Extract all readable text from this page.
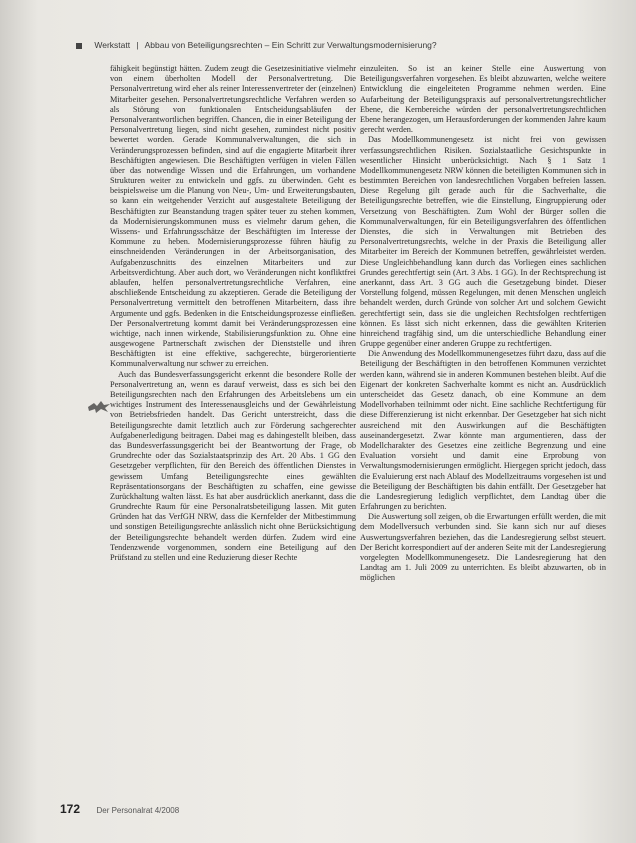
Werkstatt | Abbau von Beteiligungsrechten – Ein Schritt zur Verwaltungsmodernisierung?

fähigkeit begünstigt hätten. Zudem zeugt die Gesetzesinitiative vielmehr von einem überholten Modell der Personalvertretung. Die Personalvertretung wird eher als reiner Interessenvertreter der (einzelnen) Mitarbeiter gesehen. Personalvertretungsrechtliche Verfahren werden so als Störung von funktionalen Entscheidungsabläufen der Personalverantwortlichen begriffen. Chancen, die in einer Beteiligung der Personalvertretung liegen, sind nicht gesehen, zumindest nicht positiv bewertet worden. Gerade Kommunalverwaltungen, die sich in Veränderungsprozessen befinden, sind auf die engagierte Mitarbeit ihrer Beschäftigten angewiesen. Die Beschäftigten verfügen in vielen Fällen über das notwendige Wissen und die Erfahrungen, um vorhandene Strukturen weiter zu entwickeln und ggfs. zu überwinden. Geht es beispielsweise um die Planung von Neu-, Um- und Erweiterungsbauten, so kann ein weitgehender Verzicht auf ausgestaltete Beteiligung der Beschäftigten zur Beanstandung tragen später teuer zu stehen kommen, da Modernisierungskommunen muss es vielmehr darum gehen, die Wissens- und Erfahrungsschätze der Beschäftigten im Interesse der Kommune zu heben. Modernisierungsprozesse führen häufig zu einschneidenden Veränderungen in der Arbeitsorganisation, des Aufgabenzuschnitts des einzelnen Mitarbeiters und zur Arbeitsverdichtung. Aber auch dort, wo Veränderungen nicht konfliktfrei ablaufen, helfen personalvertretungsrechtliche Verfahren, eine abschließende Entscheidung zu akzeptieren. Gerade die Beteiligung der Personalvertretung vermittelt den betroffenen Mitarbeitern, dass ihre Argumente und ggfs. Bedenken in die Entscheidungsprozesse einfließen. Der Personalvertretung kommt damit bei Veränderungsprozessen eine wichtige, nach innen wirkende, Stabilisierungsfunktion zu. Ohne eine ausgewogene Partnerschaft zwischen der Dienststelle und ihren Beschäftigten ist eine effektive, sachgerechte, bürgerorientierte Kommunalverwaltung nur schwer zu erreichen.

Auch das Bundesverfassungsgericht erkennt die besondere Rolle der Personalvertretung an, wenn es darauf verweist, dass es sich bei den Beteiligungsrechten nach den Erfahrungen des Arbeitslebens um ein wichtiges Instrument des Interessenausgleichs und der Gewährleistung von Betriebsfrieden handelt. Das Gericht unterstreicht, dass die Beteiligungsrechte damit letztlich auch zur Förderung sachgerechter Aufgabenerledigung beitragen. Dabei mag es dahingestellt bleiben, dass das Bundesverfassungsgericht bei der Beantwortung der Frage, ob Grundrechte oder das Sozialstaatsprinzip des Art. 20 Abs. 1 GG den Gesetzgeber verpflichten, für den Bereich des öffentlichen Dienstes in gewissem Umfang Beteiligungsrechte eines gewählten Repräsentationsorgans der Beschäftigten zu schaffen, eine gewisse Zurückhaltung walten lässt. Es hat aber ausdrücklich anerkannt, dass die Grundrechte Raum für eine Personalratsbeteiligung lassen. Mit guten Gründen hat das VerfGH NRW, dass die Kernfelder der Mitbestimmung und sonstigen Beteiligungsrechte anlässlich nicht ohne Berücksichtigung der Beteiligungsrechte behandelt werden dürfen. Zudem wird eine Tendenzwende vorgenommen, sondern eine Beteiligung auf den Prüfstand zu stellen und eine Reduzierung dieser Rechte

einzuleiten. So ist an keiner Stelle eine Auswertung von Beteiligungsverfahren vorgesehen. Es bleibt abzuwarten, welche weitere Entwicklung die eingeleiteten Programme nehmen werden. Eine Aufarbeitung der Beteiligungspraxis auf personalvertretungsrechtlicher Ebene, die Kernbereiche würden der personalvertretungsrechtlichen Ebene herangezogen, um Herausforderungen der kommenden Jahre kaum gerecht werden.

Das Modellkommunengesetz ist nicht frei von gewissen verfassungsrechtlichen Risiken. Sozialstaatliche Gesichtspunkte in wesentlicher Hinsicht unberücksichtigt. Nach § 1 Satz 1 Modellkommunengesetz NRW können die beteiligten Kommunen sich in bestimmten Bereichen von landesrechtlichen Vorgaben befreien lassen. Diese Regelung gilt gerade auch für die Sachverhalte, die Beteiligungsrechte betreffen, wie die Einstellung, Eingruppierung oder Versetzung von Beschäftigten. Zum Wohl der Bürger sollen die Kommunalverwaltungen, für ein Beteiligungsverfahren des öffentlichen Dienstes, die sich in Verwaltungen mit Betrieben des Personalvertretungsrechts, welche in der Praxis die Beteiligung aller Mitarbeiter im Bereich der Kommunen betreffen, gewährleistet werden. Diese Ungleichbehandlung kann durch das Vorliegen eines sachlichen Grundes gerechtfertigt sein (Art. 3 Abs. 1 GG). In der Rechtsprechung ist anerkannt, dass Art. 3 GG auch die Gesetzgebung bindet. Dieser Vorstellung folgend, müssen Regelungen, mit denen Menschen ungleich behandelt werden, durch Gründe von solcher Art und solchem Gewicht gerechtfertigt sein, dass sie die ungleichen Rechtsfolgen rechtfertigen können. Es lässt sich nicht erkennen, dass die gewählten Kriterien hinreichend tragfähig sind, um die unterschiedliche Behandlung einer Gruppe gegenüber einer anderen Gruppe zu rechtfertigen.

Die Anwendung des Modellkommunengesetzes führt dazu, dass auf die Beteiligung der Beschäftigten in den betroffenen Kommunen verzichtet werden kann, während sie in anderen Kommunen bestehen bleibt. Auf die Eigenart der konkreten Sachverhalte kommt es nicht an. Ausdrücklich unterscheidet das Gesetz danach, ob eine Kommune an dem Modellvorhaben teilnimmt oder nicht. Eine sachliche Rechtfertigung für diese Differenzierung ist nicht erkennbar. Der Gesetzgeber hat sich nicht ausreichend mit den Auswirkungen auf die Beschäftigten auseinandergesetzt. Zwar könnte man argumentieren, dass der Modellcharakter des Gesetzes eine zeitliche Begrenzung und eine Evaluation vorsieht und damit eine Erprobung von Verwaltungsmodernisierungen ermöglicht. Hiergegen spricht jedoch, dass die Evaluierung erst nach Ablauf des Modellzeitraums vorgesehen ist und die Beteiligung der Beschäftigten bis dahin entfällt. Der Gesetzgeber hat die Landesregierung lediglich verpflichtet, dem Landtag über die Erfahrungen zu berichten.

Die Auswertung soll zeigen, ob die Erwartungen erfüllt werden, die mit dem Modellversuch verbunden sind. Sie kann sich nur auf dieses Auswertungsverfahren beziehen, das die Landesregierung selbst steuert. Der Bericht korrespondiert auf der anderen Seite mit der Landesregierung vorgelegten Modellkommunengesetz. Die Landesregierung hat den Landtag am 1. Juli 2009 zu unterrichten. Es bleibt abzuwarten, ob in möglichen

172 Der Personalrat 4/2008
